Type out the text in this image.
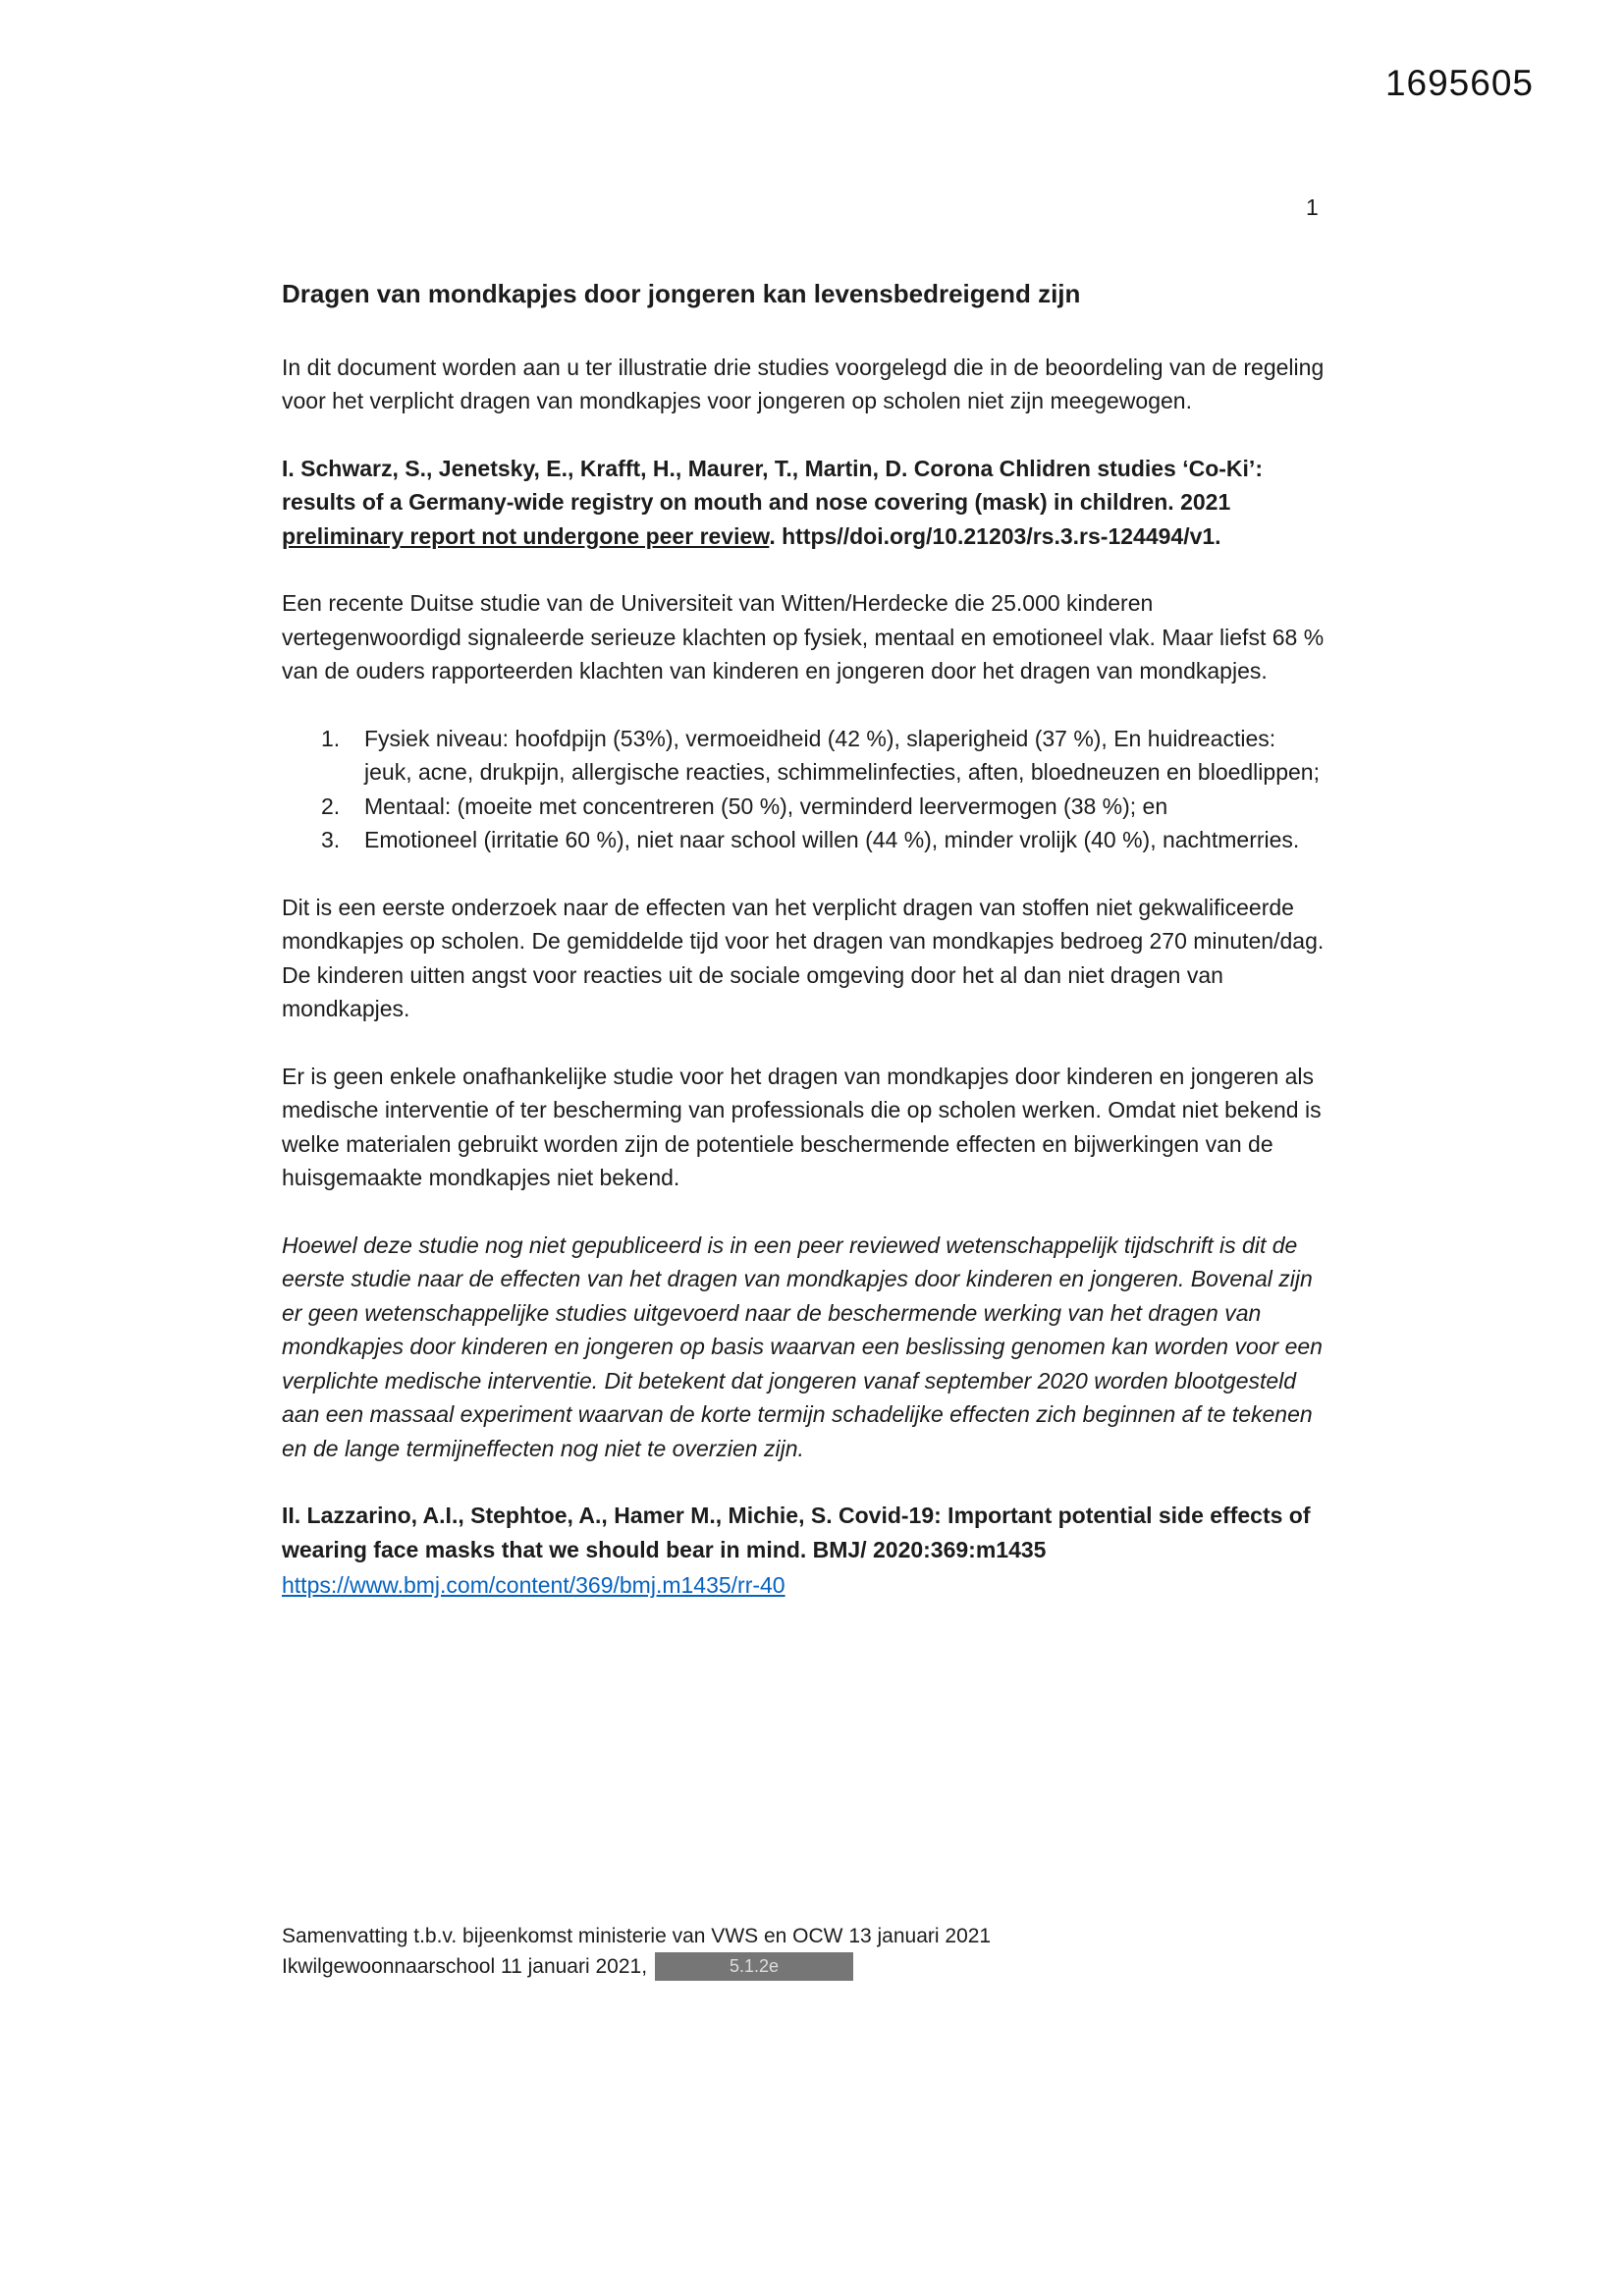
1695605
1
Dragen van mondkapjes door jongeren kan levensbedreigend zijn

In dit document worden aan u ter illustratie drie studies voorgelegd die in de beoordeling van de regeling voor het verplicht dragen van mondkapjes voor jongeren op scholen niet zijn meegewogen.

I. Schwarz, S., Jenetsky, E., Krafft, H., Maurer, T., Martin, D. Corona Chlidren studies ‘Co-Ki’: results of a Germany-wide registry on mouth and nose covering (mask) in children. 2021 preliminary report not undergone peer review. https//doi.org/10.21203/rs.3.rs-124494/v1.

Een recente Duitse studie van de Universiteit van Witten/Herdecke die 25.000 kinderen vertegenwoordigd signaleerde serieuze klachten op fysiek, mentaal en emotioneel vlak. Maar liefst 68 % van de ouders rapporteerden klachten van kinderen en jongeren door het dragen van mondkapjes.

1.	Fysiek niveau: hoofdpijn (53%), vermoeidheid (42 %), slaperigheid (37 %), En huidreacties: jeuk, acne, drukpijn, allergische reacties, schimmelinfecties, aften, bloedneuzen en bloedlippen;
2.	Mentaal: (moeite met concentreren (50 %), verminderd leervermogen (38 %); en
3.	Emotioneel (irritatie 60 %), niet naar school willen (44 %), minder vrolijk (40 %), nachtmerries.

Dit is een eerste onderzoek naar de effecten van het verplicht dragen van stoffen niet gekwalificeerde mondkapjes op scholen. De gemiddelde tijd voor het dragen van mondkapjes bedroeg 270 minuten/dag. De kinderen uitten angst voor reacties uit de sociale omgeving door het al dan niet dragen van mondkapjes.

Er is geen enkele onafhankelijke studie voor het dragen van mondkapjes door kinderen en jongeren als medische interventie of ter bescherming van professionals die op scholen werken. Omdat niet bekend is welke materialen gebruikt worden zijn de potentiele beschermende effecten en bijwerkingen van de huisgemaakte mondkapjes niet bekend.

Hoewel deze studie nog niet gepubliceerd is in een peer reviewed wetenschappelijk tijdschrift is dit de eerste studie naar de effecten van het dragen van mondkapjes door kinderen en jongeren. Bovenal zijn er geen wetenschappelijke studies uitgevoerd naar de beschermende werking van het dragen van mondkapjes door kinderen en jongeren op basis waarvan een beslissing genomen kan worden voor een verplichte medische interventie. Dit betekent dat jongeren vanaf september 2020 worden blootgesteld aan een massaal experiment waarvan de korte termijn schadelijke effecten zich beginnen af te tekenen en de lange termijneffecten nog niet te overzien zijn.

II. Lazzarino, A.I., Stephtoe, A., Hamer M., Michie, S. Covid-19: Important potential side effects of wearing face masks that we should bear in mind. BMJ/ 2020:369:m1435

https://www.bmj.com/content/369/bmj.m1435/rr-40
Samenvatting t.b.v. bijeenkomst ministerie van VWS en OCW 13 januari 2021
Ikwilgewoonnaarschool 11 januari 2021,	5.1.2e
